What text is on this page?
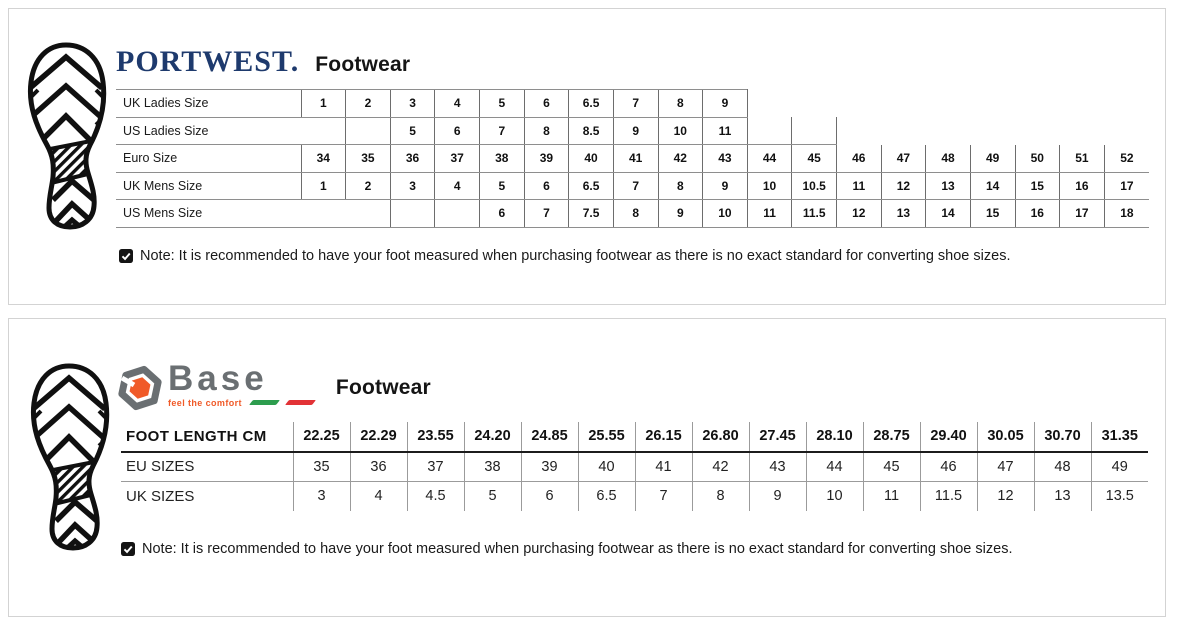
PORTWEST. Footwear
UK Ladies Size	1	2	3	4	5	6	6.5	7	8	9									
US Ladies Size			5	6	7	8	8.5	9	10	11									
Euro Size	34	35	36	37	38	39	40	41	42	43	44	45	46	47	48	49	50	51	52
UK Mens Size	1	2	3	4	5	6	6.5	7	8	9	10	10.5	11	12	13	14	15	16	17
US Mens Size					6	7	7.5	8	9	10	11	11.5	12	13	14	15	16	17	18
Note: It is recommended to have your foot measured when purchasing footwear as there is no exact standard for converting shoe sizes.
Base
feel the comfort
Footwear
FOOT LENGTH CM	22.25	22.29	23.55	24.20	24.85	25.55	26.15	26.80	27.45	28.10	28.75	29.40	30.05	30.70	31.35
EU SIZES	35	36	37	38	39	40	41	42	43	44	45	46	47	48	49
UK SIZES	3	4	4.5	5	6	6.5	7	8	9	10	11	11.5	12	13	13.5
Note: It is recommended to have your foot measured when purchasing footwear as there is no exact standard for converting shoe sizes.
